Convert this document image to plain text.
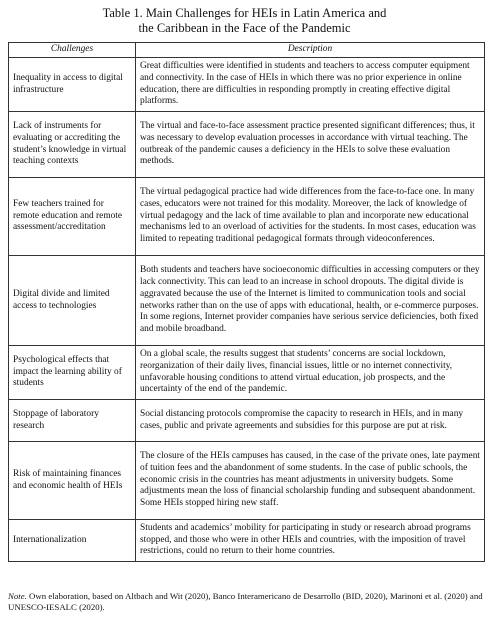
Table 1. Main Challenges for HEIs in Latin America and
the Caribbean in the Face of the Pandemic
Challenges	Description
Inequality in access to digital infrastructure	Great difficulties were identified in students and teachers to access computer equipment and connectivity. In the case of HEIs in which there was no prior experience in online education, there are difficulties in responding promptly in creating effective digital platforms.
Lack of instruments for evaluating or accrediting the student’s knowledge in virtual teaching contexts	The virtual and face-to-face assessment practice presented significant differences; thus, it was necessary to develop evaluation processes in accordance with virtual teaching. The outbreak of the pandemic causes a deficiency in the HEIs to solve these evaluation methods.
Few teachers trained for remote education and remote assessment/accreditation	The virtual pedagogical practice had wide differences from the face-to-face one. In many cases, educators were not trained for this modality. Moreover, the lack of knowledge of virtual pedagogy and the lack of time available to plan and incorporate new educational mechanisms led to an overload of activities for the students. In most cases, education was limited to repeating traditional pedagogical formats through videoconferences.
Digital divide and limited access to technologies	Both students and teachers have socioeconomic difficulties in accessing computers or they lack connectivity. This can lead to an increase in school dropouts. The digital divide is aggravated because the use of the Internet is limited to communication tools and social networks rather than on the use of apps with educational, health, or e-commerce purposes. In some regions, Internet provider companies have serious service deficiencies, both fixed and mobile broadband.
Psychological effects that impact the learning ability of students	On a global scale, the results suggest that students’ concerns are social lockdown, reorganization of their daily lives, financial issues, little or no internet connectivity, unfavorable housing conditions to attend virtual education, job prospects, and the uncertainty of the end of the pandemic.
Stoppage of laboratory research	Social distancing protocols compromise the capacity to research in HEIs, and in many cases, public and private agreements and subsidies for this purpose are put at risk.
Risk of maintaining finances and economic health of HEIs	The closure of the HEIs campuses has caused, in the case of the private ones, late payment of tuition fees and the abandonment of some students. In the case of public schools, the economic crisis in the countries has meant adjustments in university budgets. Some adjustments mean the loss of financial scholarship funding and subsequent abandonment. Some HEIs stopped hiring new staff.
Internationalization	Students and academics’ mobility for participating in study or research abroad programs stopped, and those who were in other HEIs and countries, with the imposition of travel restrictions, could no return to their home countries.
Note. Own elaboration, based on Altbach and Wit (2020), Banco Interamericano de Desarrollo (BID, 2020), Marinoni et al. (2020) and UNESCO-IESALC (2020).
